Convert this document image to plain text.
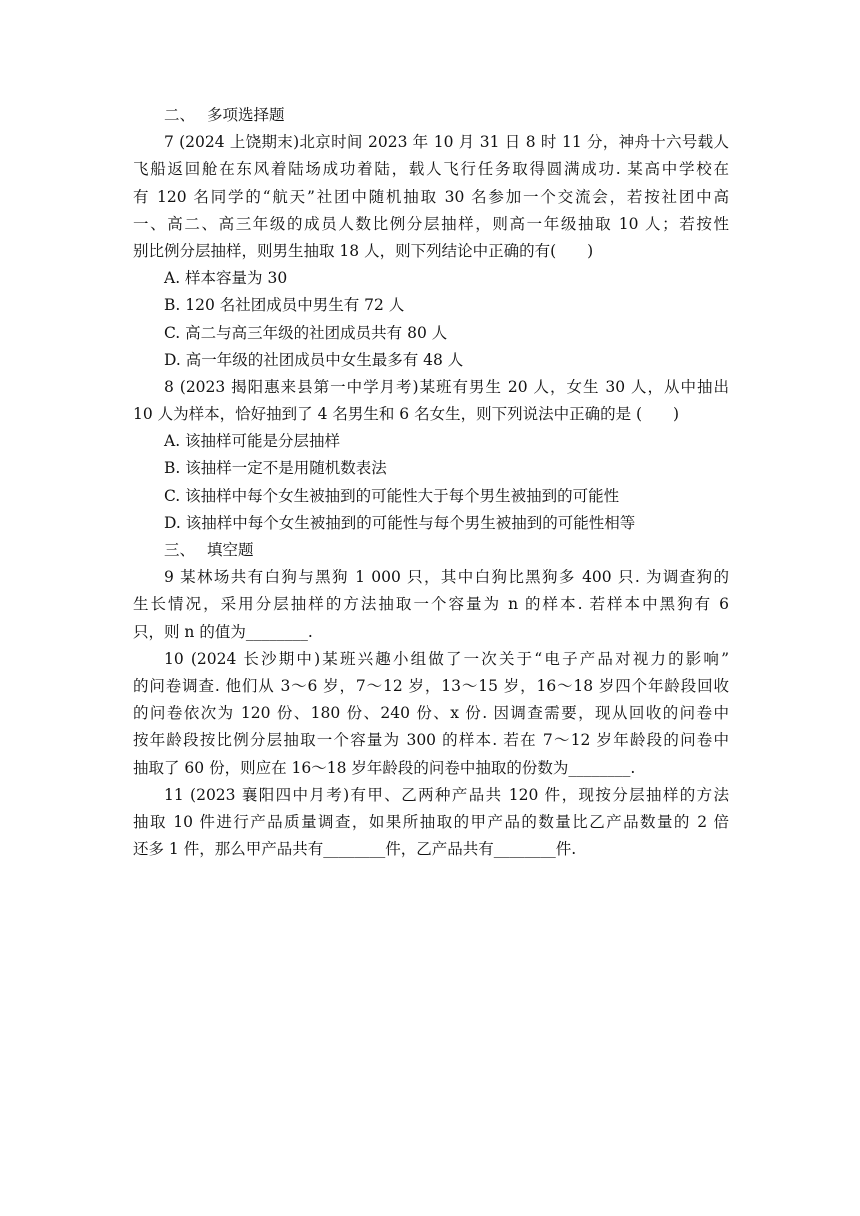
二、 多项选择题
7 (2024 上饶期末)北京时间 2023 年 10 月 31 日 8 时 11 分，神舟十六号载人
飞船返回舱在东风着陆场成功着陆，载人飞行任务取得圆满成功. 某高中学校在
有 120 名同学的“航天”社团中随机抽取 30 名参加一个交流会，若按社团中高
一、高二、高三年级的成员人数比例分层抽样，则高一年级抽取 10 人；若按性
别比例分层抽样，则男生抽取 18 人，则下列结论中正确的有(　　)
A. 样本容量为 30
B. 120 名社团成员中男生有 72 人
C. 高二与高三年级的社团成员共有 80 人
D. 高一年级的社团成员中女生最多有 48 人
8 (2023 揭阳惠来县第一中学月考)某班有男生 20 人，女生 30 人，从中抽出
10 人为样本，恰好抽到了 4 名男生和 6 名女生，则下列说法中正确的是 (　　)
A. 该抽样可能是分层抽样
B. 该抽样一定不是用随机数表法
C. 该抽样中每个女生被抽到的可能性大于每个男生被抽到的可能性
D. 该抽样中每个女生被抽到的可能性与每个男生被抽到的可能性相等
三、 填空题
9 某林场共有白狗与黑狗 1 000 只，其中白狗比黑狗多 400 只. 为调查狗的
生长情况，采用分层抽样的方法抽取一个容量为 n 的样本. 若样本中黑狗有 6
只，则 n 的值为________.
10 (2024 长沙期中)某班兴趣小组做了一次关于“电子产品对视力的影响”
的问卷调查. 他们从 3～6 岁，7～12 岁，13～15 岁，16～18 岁四个年龄段回收
的问卷依次为 120 份、180 份、240 份、x 份. 因调查需要，现从回收的问卷中
按年龄段按比例分层抽取一个容量为 300 的样本. 若在 7～12 岁年龄段的问卷中
抽取了 60 份，则应在 16～18 岁年龄段的问卷中抽取的份数为________.
11 (2023 襄阳四中月考)有甲、乙两种产品共 120 件，现按分层抽样的方法
抽取 10 件进行产品质量调查，如果所抽取的甲产品的数量比乙产品数量的 2 倍
还多 1 件，那么甲产品共有________件，乙产品共有________件.
